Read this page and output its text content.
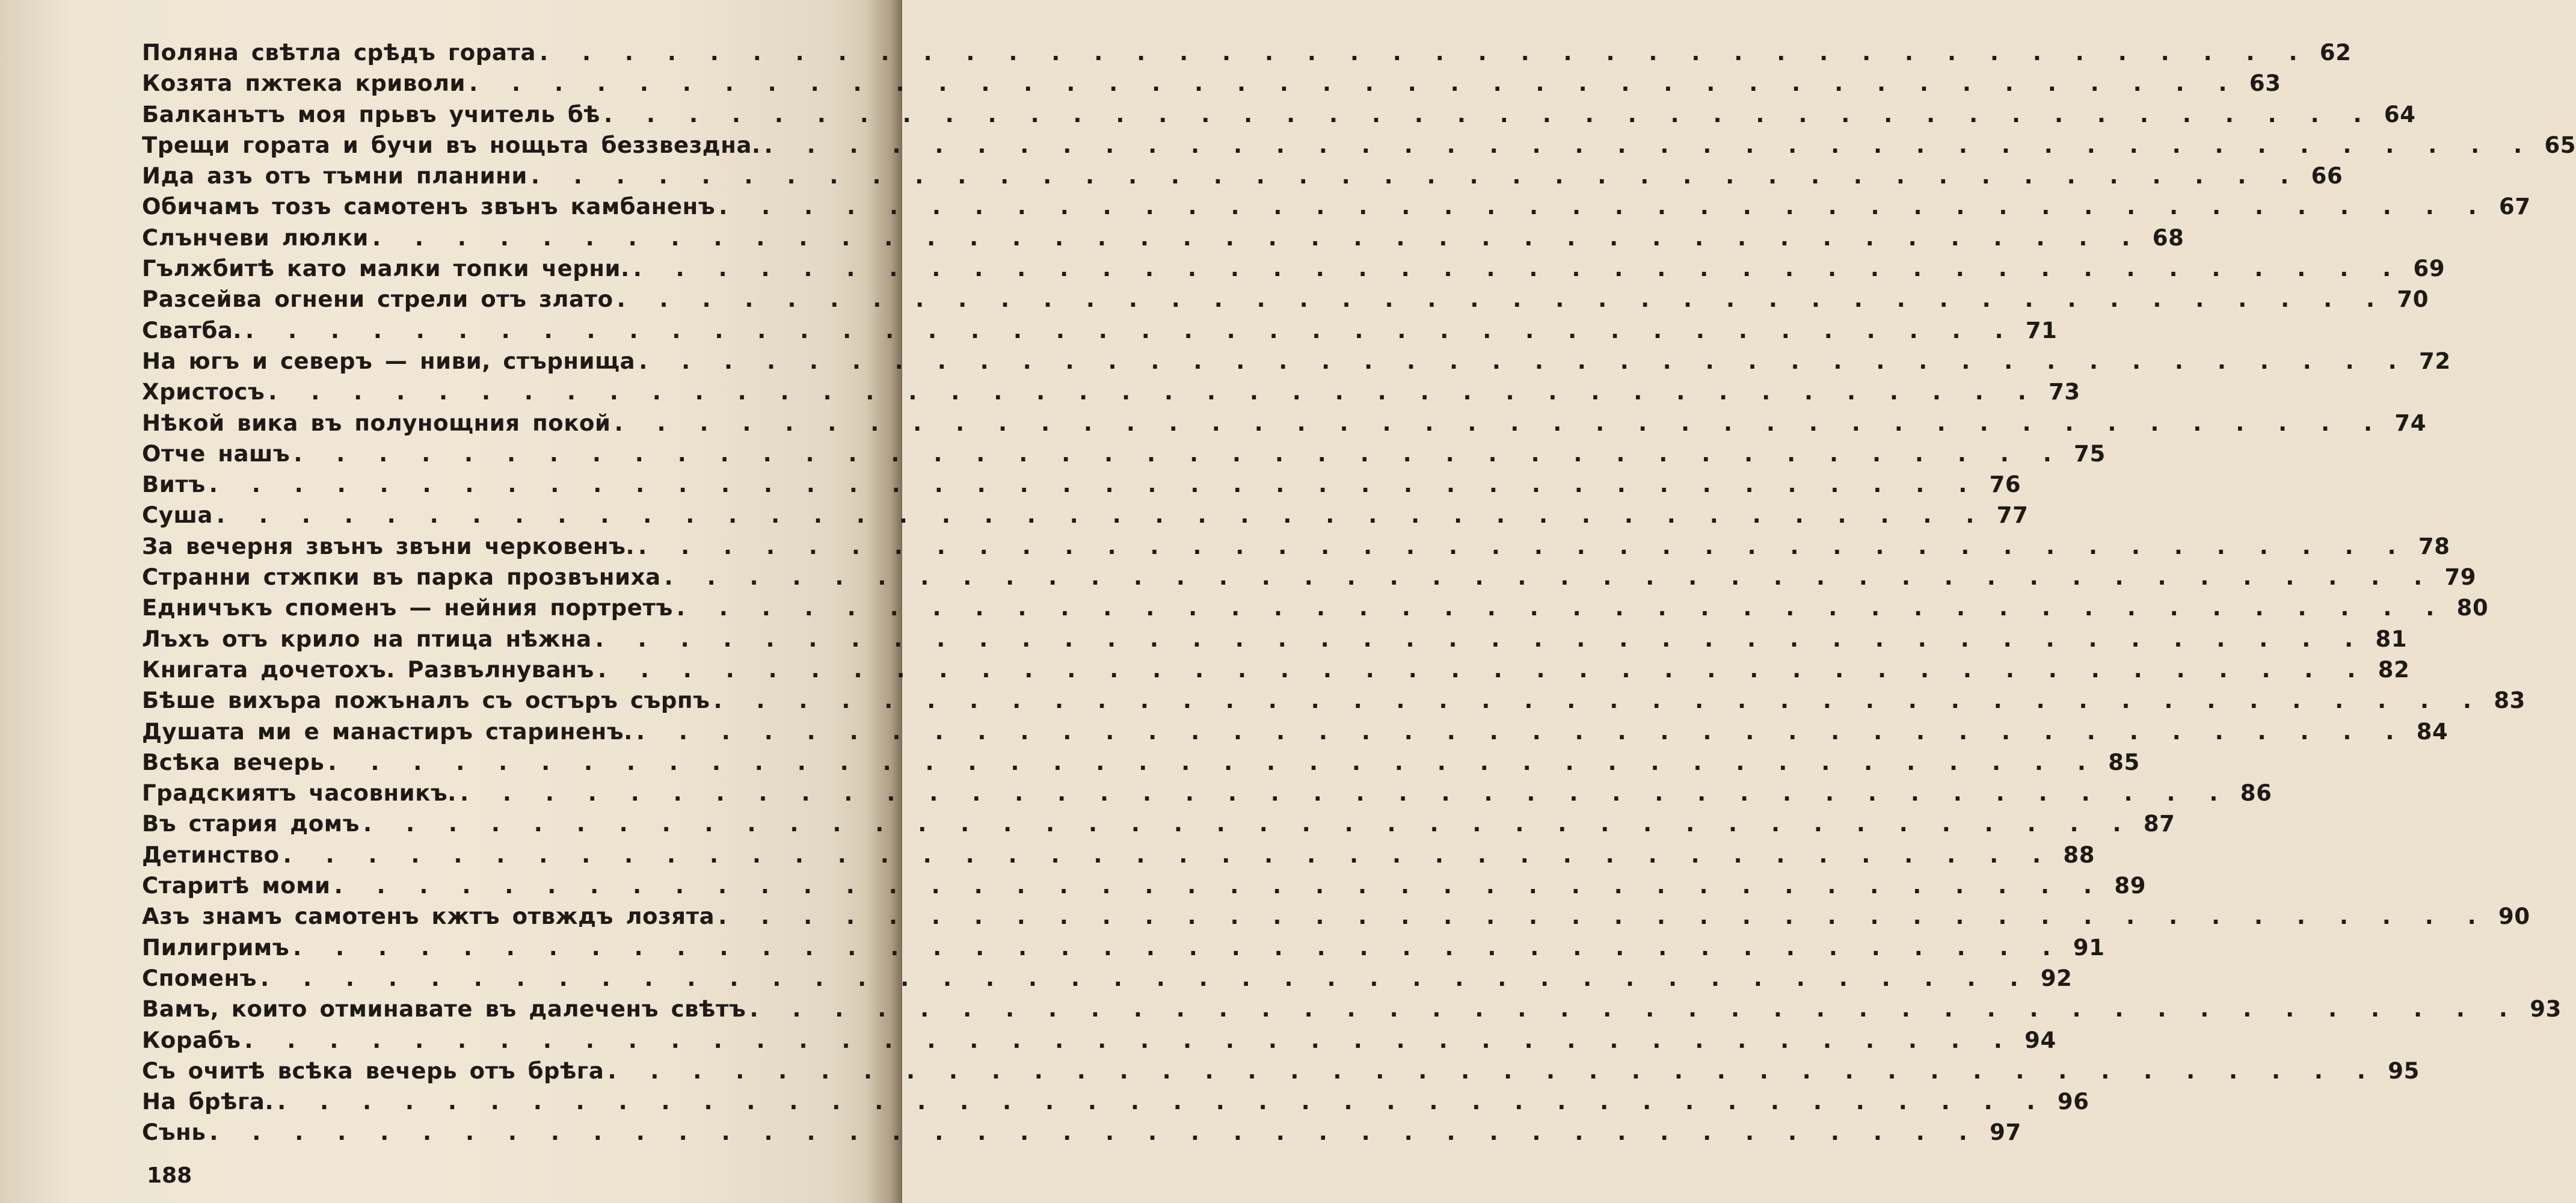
Поляна свѣтла срѣдъ гората . . .	62
Козята пжтека криволи . . .	63
Балканътъ моя прьвъ учитель бѣ . . .	64
Трещи гората и бучи въ нощьта беззвездна. . . .	65
Ида азъ отъ тъмни планини . . .	66
Обичамъ тозъ самотенъ звънъ камбаненъ . . .	67
Слънчеви люлки . . .	68
Гължбитѣ като малки топки черни. . . .	69
Разсейва огнени стрели отъ злато . . .	70
Сватба. . . .	71
На югъ и северъ — ниви, стърнища . . .	72
Христосъ . . .	73
Нѣкой вика въ полунощния покой . . .	74
Отче нашъ . . .	75
Витъ . . .	76
Суша . . .	77
За вечерня звънъ звъни черковенъ. . . .	78
Странни стжпки въ парка прозвъниха . . .	79
Едничъкъ споменъ — нейния портретъ . . .	80
Лъхъ отъ крило на птица нѣжна . . .	81
Книгата дочетохъ. Развълнуванъ . . .	82
Бѣше вихъра пожъналъ съ остъръ сърпъ . . .	83
Душата ми е манастиръ стариненъ. . . .	84
Всѣка вечерь . . .	85
Градскиятъ часовникъ. . . .	86
Въ стария домъ . . .	87
Детинство . . .	88
Старитѣ моми . . .	89
Азъ знамъ самотенъ кжтъ отвждъ лозята . . .	90
Пилигримъ . . .	91
Споменъ . . .	92
Вамъ, които отминавате въ далеченъ свѣтъ . . .	93
Корабъ . . .	94
Съ очитѣ всѣка вечерь отъ брѣга . . .	95
На брѣга. . . .	96
Сънь . . .	97
188
